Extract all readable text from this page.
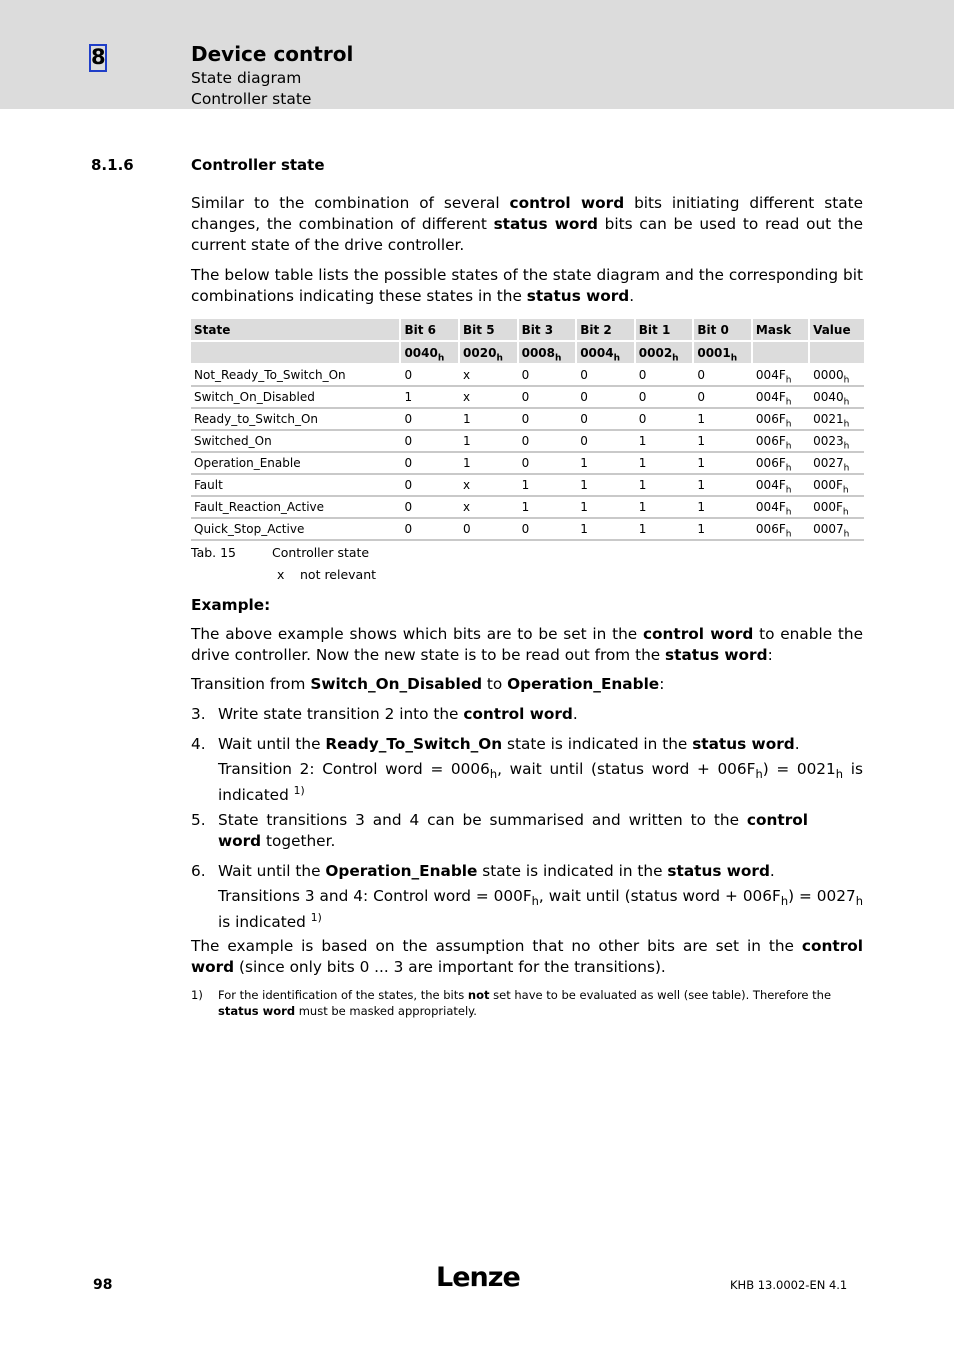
8	Device control
State diagram
Controller state
8.1.6	Controller state

Similar to the combination of several control word bits initiating different state changes, the combination of different status word bits can be used to read out the current state of the drive controller.

The below table lists the possible states of the state diagram and the corresponding bit combinations indicating these states in the status word.

State	Bit 6	Bit 5	Bit 3	Bit 2	Bit 1	Bit 0	Mask	Value
	$0040_h$	$0020_h$	$0008_h$	$0004_h$	$0002_h$	$0001_h$		
Not_Ready_To_Switch_On	0	x	0	0	0	0	$004F_h$	$0000_h$
Switch_On_Disabled	1	x	0	0	0	0	$004F_h$	$0040_h$
Ready_to_Switch_On	0	1	0	0	0	1	$006F_h$	$0021_h$
Switched_On	0	1	0	0	1	1	$006F_h$	$0023_h$
Operation_Enable	0	1	0	1	1	1	$006F_h$	$0027_h$
Fault	0	x	1	1	1	1	$004F_h$	$000F_h$
Fault_Reaction_Active	0	x	1	1	1	1	$004F_h$	$000F_h$
Quick_Stop_Active	0	0	0	1	1	1	$006F_h$	$0007_h$
Tab. 15	Controller state
x not relevant
Example:

The above example shows which bits are to be set in the control word to enable the drive controller. Now the new state is to be read out from the status word:

Transition from Switch_On_Disabled to Operation_Enable:

3. Write state transition 2 into the control word.
4. Wait until the Ready_To_Switch_On state is indicated in the status word.
Transition 2: Control word = $0006_h$, wait until (status word + $006F_h) = 0021_h$ is indicated $^{1)}$
5. State transitions 3 and 4 can be summarised and written to the control word together.
6. Wait until the Operation_Enable state is indicated in the status word.
Transitions 3 and 4: Control word = $000F_h$, wait until (status word + $006F_h) = 0027_h$ is indicated $^{1)}$

The example is based on the assumption that no other bits are set in the control word (since only bits 0 ... 3 are important for the transitions).

1) For the identification of the states, the bits not set have to be evaluated as well (see table). Therefore the status word must be masked appropriately.
98	Lenze	KHB 13.0002-EN 4.1
